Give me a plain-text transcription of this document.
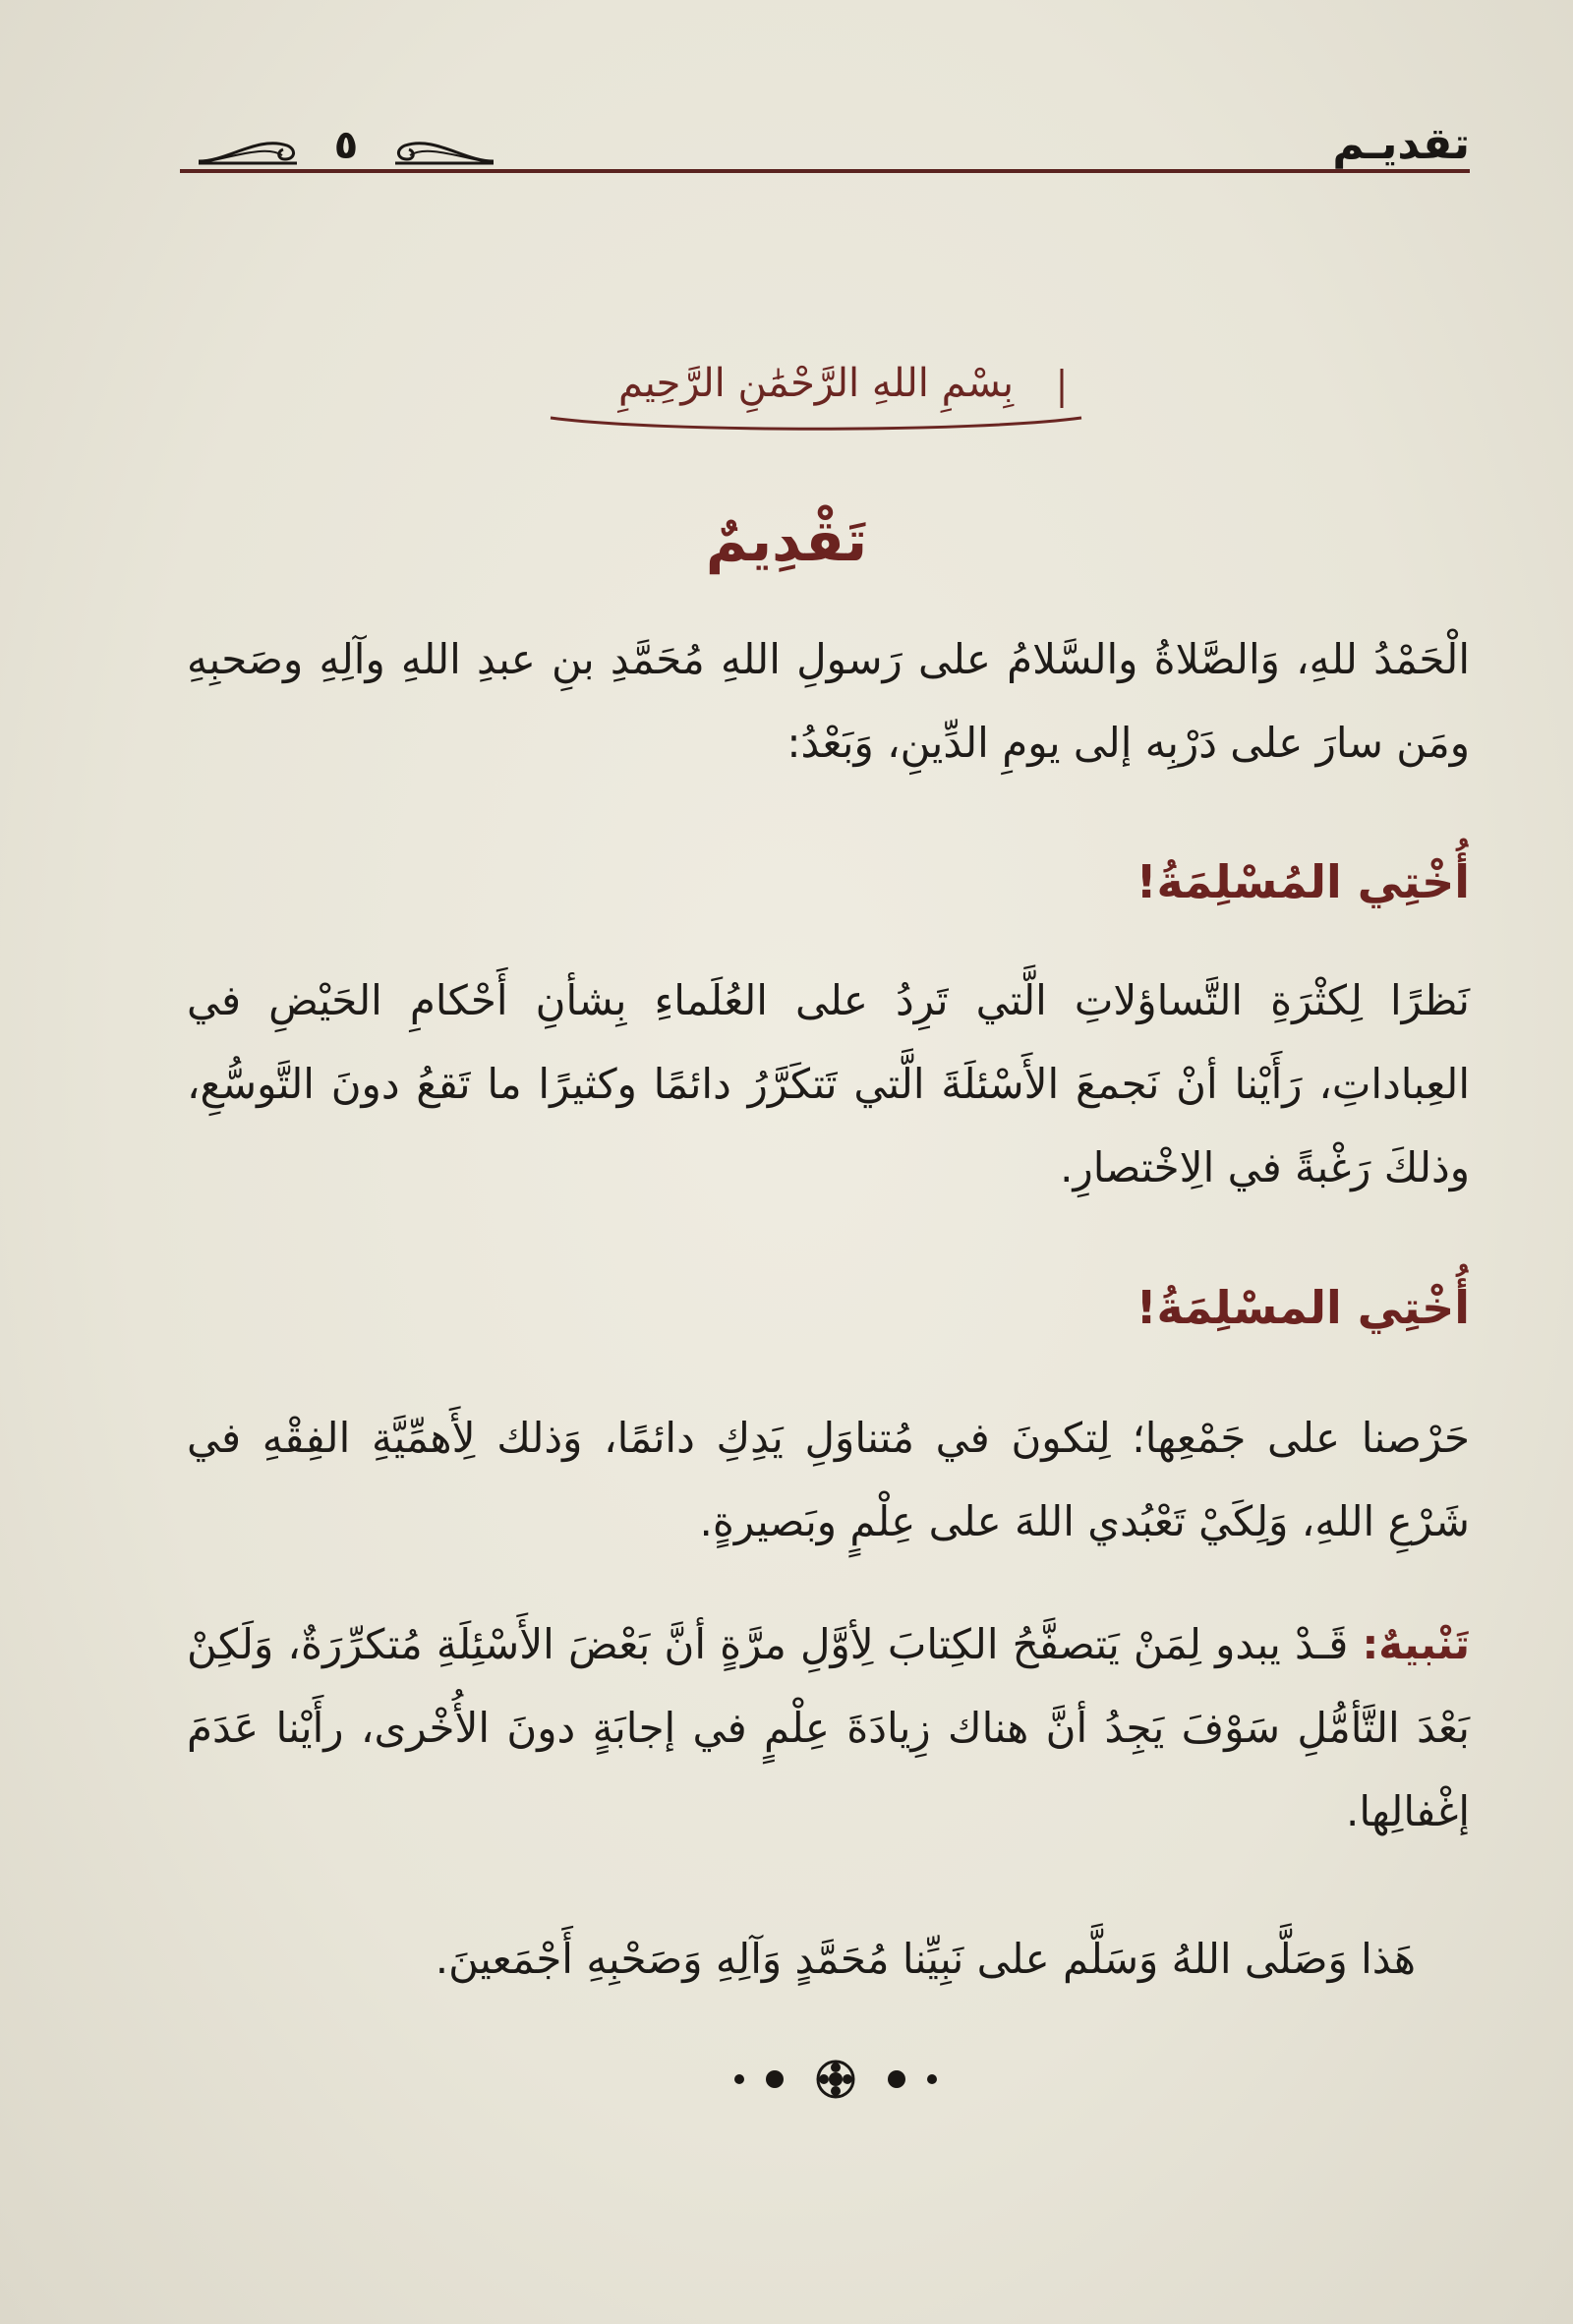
تقديـم
٥
بِسْمِ اللهِ الرَّحْمَٰنِ الرَّحِيمِ
تَقْدِيمٌ
الْحَمْدُ للهِ، وَالصَّلاةُ والسَّلامُ على رَسولِ اللهِ مُحَمَّدِ بنِ عبدِ اللهِ وآلِهِ وصَحبِهِ ومَن سارَ على دَرْبِه إلى يومِ الدِّينِ، وَبَعْدُ:
أُخْتِي المُسْلِمَةُ!
نَظرًا لِكثْرَةِ التَّساؤلاتِ الَّتي تَرِدُ على العُلَماءِ بِشأنِ أَحْكامِ الحَيْضِ في العِباداتِ، رَأَيْنا أنْ نَجمعَ الأَسْئلَةَ الَّتي تَتكَرَّرُ دائمًا وكثيرًا ما تَقعُ دونَ التَّوسُّعِ، وذلكَ رَغْبةً في الِاخْتصارِ.
أُخْتِي المسْلِمَةُ!
حَرْصنا على جَمْعِها؛ لِتكونَ في مُتناوَلِ يَدِكِ دائمًا، وَذلك لِأَهمِّيَّةِ الفِقْهِ في شَرْعِ اللهِ، وَلِكَيْ تَعْبُدي اللهَ على عِلْمٍ وبَصيرةٍ.
تَنْبيهٌ: قَـدْ يبدو لِمَنْ يَتصفَّحُ الكِتابَ لِأوَّلِ مرَّةٍ أنَّ بَعْضَ الأَسْئِلَةِ مُتكرِّرَةٌ، وَلَكِنْ بَعْدَ التَّأمُّلِ سَوْفَ يَجِدُ أنَّ هناك زِيادَةَ عِلْمٍ في إجابَةٍ دونَ الأُخْرى، رأَيْنا عَدَمَ إغْفالِها.
هَذا وَصَلَّى اللهُ وَسَلَّم على نَبِيِّنا مُحَمَّدٍ وَآلِهِ وَصَحْبِهِ أَجْمَعينَ.
